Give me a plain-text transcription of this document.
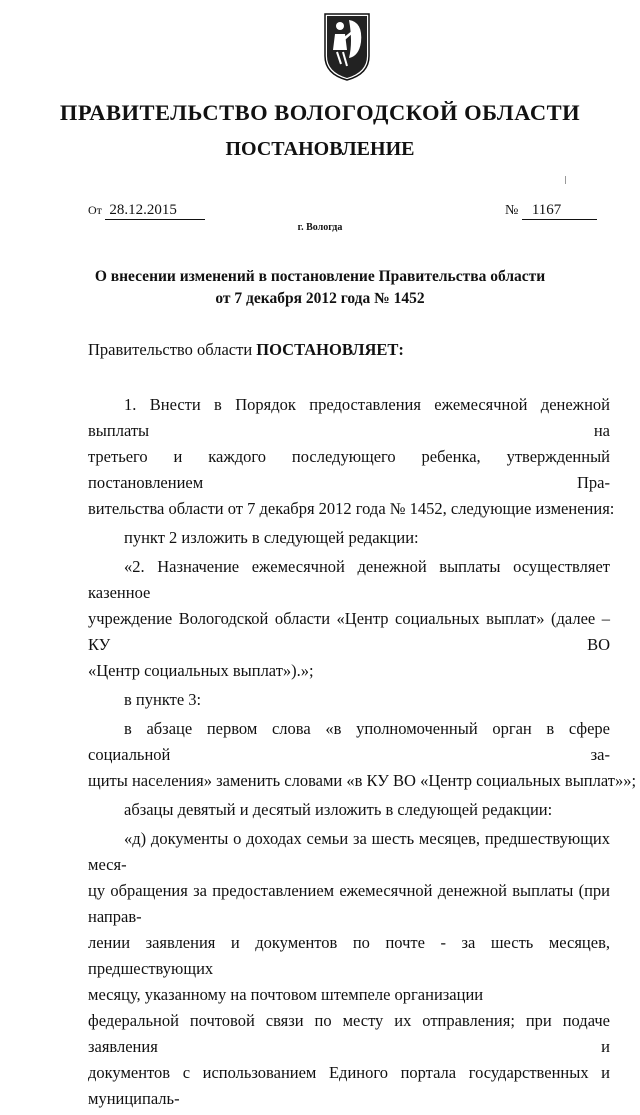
ПРАВИТЕЛЬСТВО ВОЛОГОДСКОЙ ОБЛАСТИ
ПОСТАНОВЛЕНИЕ
От 28.12.2015	№ 1167
г. Вологда
О внесении изменений в постановление Правительства области
от 7 декабря 2012 года № 1452
Правительство области ПОСТАНОВЛЯЕТ:
1. Внести в Порядок предоставления ежемесячной денежной выплаты на
третьего и каждого последующего ребенка, утвержденный постановлением Пра-
вительства области от 7 декабря 2012 года № 1452, следующие изменения:
пункт 2 изложить в следующей редакции:
«2. Назначение ежемесячной денежной выплаты осуществляет казенное
учреждение Вологодской области «Центр социальных выплат» (далее – КУ ВО
«Центр социальных выплат»).»;
в пункте 3:
в абзаце первом слова «в уполномоченный орган в сфере социальной за-
щиты населения» заменить словами «в КУ ВО «Центр социальных выплат»»;
абзацы девятый и десятый изложить в следующей редакции:
«д) документы о доходах семьи за шесть месяцев, предшествующих меся-
цу обращения за предоставлением ежемесячной денежной выплаты (при направ-
лении заявления и документов по почте - за шесть месяцев, предшествующих
месяцу, указанному на почтовом штемпеле организации
федеральной почтовой связи по месту их отправления; при подаче заявления и
документов с использованием Единого портала государственных и муниципаль-
